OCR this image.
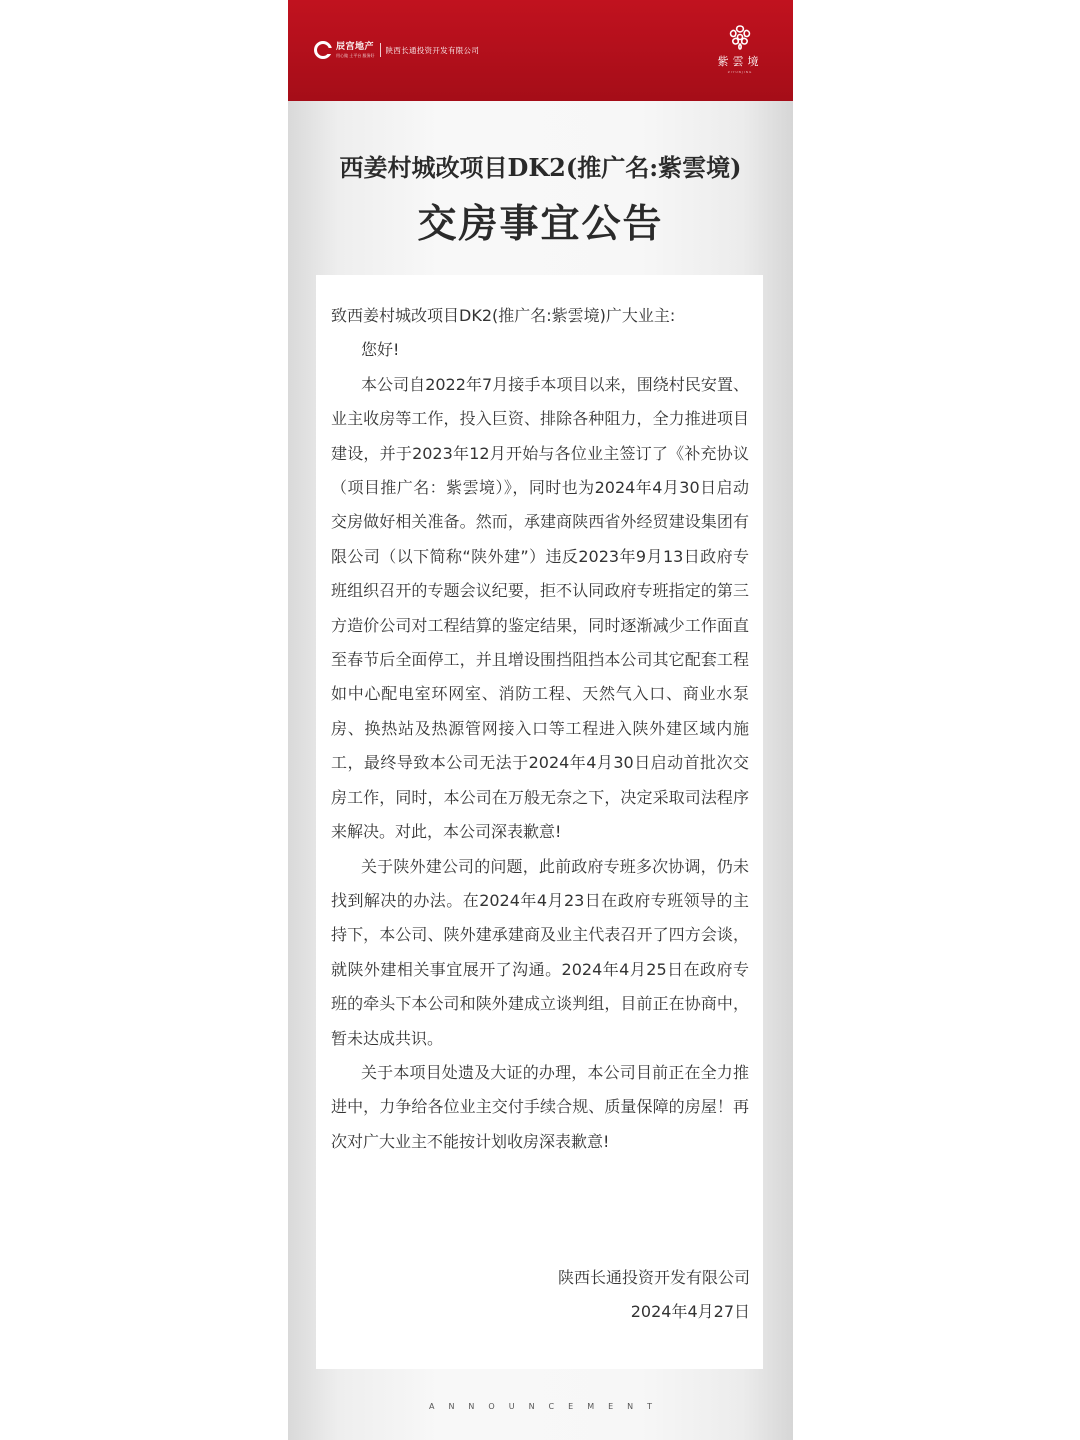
辰宫地产
用心做 土平台 服务好
陕西长通投资开发有限公司
紫雲境
ZIYUNJING
西姜村城改项目DK2(推广名:紫雲境)
交房事宜公告

致西姜村城改项目DK2(推广名:紫雲境)广大业主:

您好!

本公司自2022年7月接手本项目以来，围绕村民安置、业主收房等工作，投入巨资、排除各种阻力，全力推进项目建设，并于2023年12月开始与各位业主签订了《补充协议（项目推广名：紫雲境）》，同时也为2024年4月30日启动交房做好相关准备。然而，承建商陕西省外经贸建设集团有限公司（以下简称“陕外建”）违反2023年9月13日政府专班组织召开的专题会议纪要，拒不认同政府专班指定的第三方造价公司对工程结算的鉴定结果，同时逐渐减少工作面直至春节后全面停工，并且增设围挡阻挡本公司其它配套工程如中心配电室环网室、消防工程、天然气入口、商业水泵房、换热站及热源管网接入口等工程进入陕外建区域内施工，最终导致本公司无法于2024年4月30日启动首批次交房工作，同时，本公司在万般无奈之下，决定采取司法程序来解决。对此，本公司深表歉意!

关于陕外建公司的问题，此前政府专班多次协调，仍未找到解决的办法。在2024年4月23日在政府专班领导的主持下，本公司、陕外建承建商及业主代表召开了四方会谈，就陕外建相关事宜展开了沟通。2024年4月25日在政府专班的牵头下本公司和陕外建成立谈判组，目前正在协商中，暂未达成共识。

关于本项目处遗及大证的办理，本公司目前正在全力推进中，力争给各位业主交付手续合规、质量保障的房屋！再次对广大业主不能按计划收房深表歉意!

陕西长通投资开发有限公司
2024年4月27日
ANNOUNCEMENT
